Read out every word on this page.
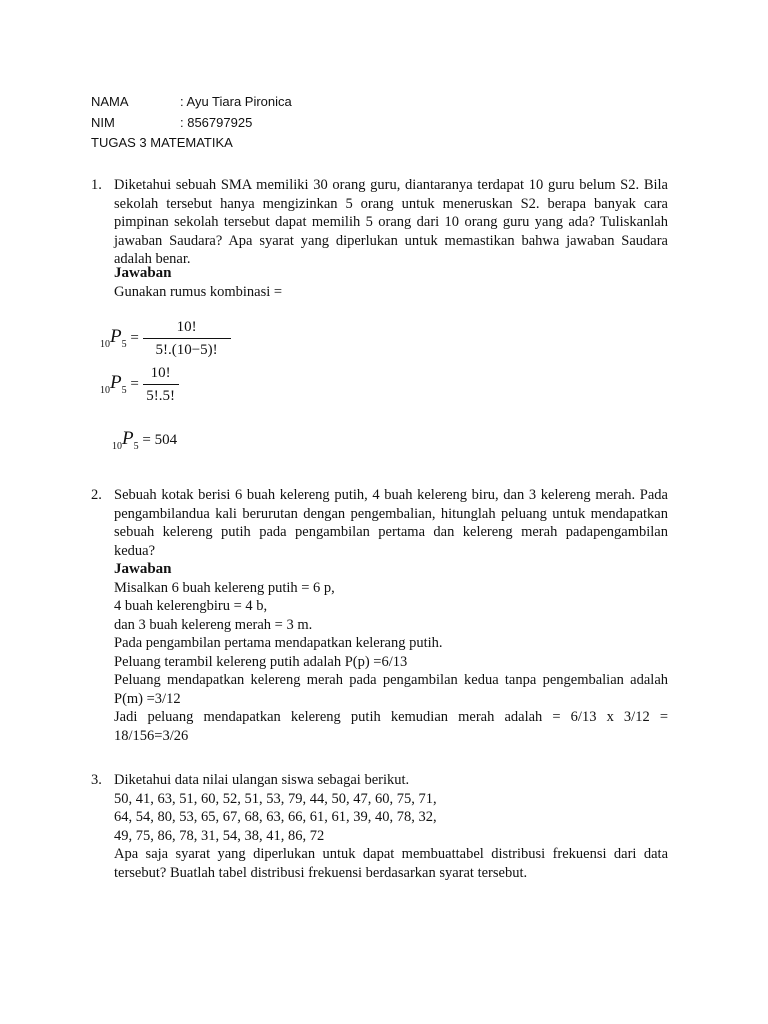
NAMA	: Ayu Tiara Pironica
NIM	: 856797925
TUGAS 3 MATEMATIKA
1. Diketahui sebuah SMA memiliki 30 orang guru, diantaranya terdapat 10 guru belum S2. Bila
sekolah tersebut hanya mengizinkan 5 orang untuk meneruskan S2. berapa banyak cara
pimpinan sekolah tersebut dapat memilih 5 orang dari 10 orang guru yang ada? Tuliskanlah
jawaban Saudara? Apa syarat yang diperlukan untuk memastikan bahwa jawaban Saudara
adalah benar.
Jawaban
Gunakan rumus kombinasi =
$_{10}P_5 = \frac{10!}{5!.(10-5)!}$
$_{10}P_5 = \frac{10!}{5!.5!}$
$_{10}P_5 = 504$
2. Sebuah kotak berisi 6 buah kelereng putih, 4 buah kelereng biru, dan 3 kelereng merah. Pada
pengambilandua kali berurutan dengan pengembalian, hitunglah peluang untuk mendapatkan
sebuah kelereng putih pada pengambilan pertama dan kelereng merah padapengambilan
kedua?
Jawaban
Misalkan 6 buah kelereng putih = 6 p,
4 buah kelerengbiru = 4 b,
dan 3 buah kelereng merah = 3 m.
Pada pengambilan pertama mendapatkan kelerang putih.
Peluang terambil kelereng putih adalah P(p) =6/13
Peluang mendapatkan kelereng merah pada pengambilan kedua tanpa pengembalian adalah
P(m) =3/12
Jadi peluang mendapatkan kelereng putih kemudian merah adalah = 6/13 x 3/12 =
18/156=3/26
3. Diketahui data nilai ulangan siswa sebagai berikut.
50, 41, 63, 51, 60, 52, 51, 53, 79, 44, 50, 47, 60, 75, 71,
64, 54, 80, 53, 65, 67, 68, 63, 66, 61, 61, 39, 40, 78, 32,
49, 75, 86, 78, 31, 54, 38, 41, 86, 72
Apa saja syarat yang diperlukan untuk dapat membuattabel distribusi frekuensi dari data
tersebut? Buatlah tabel distribusi frekuensi berdasarkan syarat tersebut.
